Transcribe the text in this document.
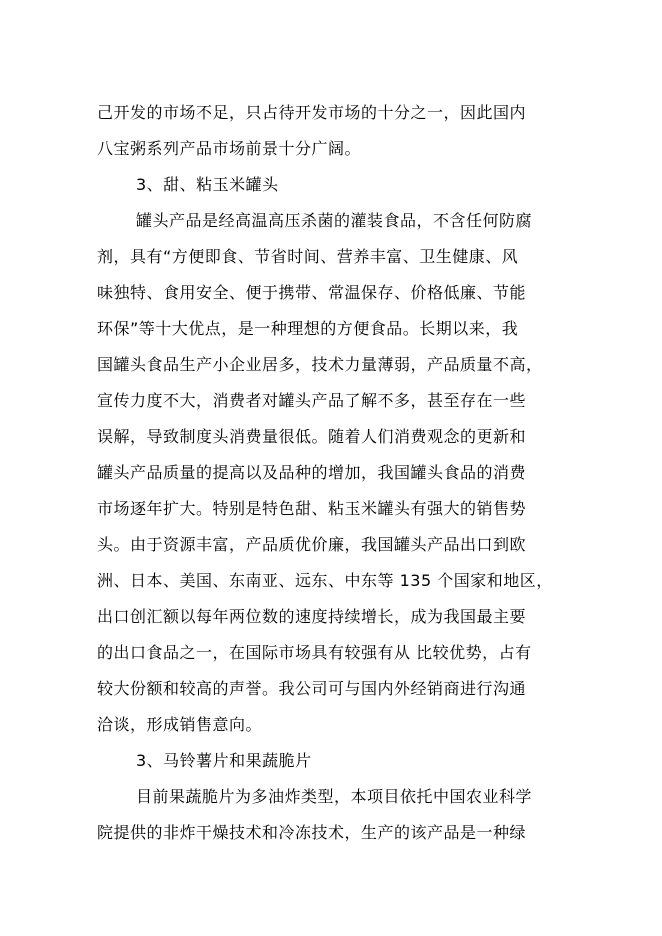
己开发的市场不足，只占待开发市场的十分之一，因此国内
八宝粥系列产品市场前景十分广阔。
3、甜、粘玉米罐头
罐头产品是经高温高压杀菌的灌装食品，不含任何防腐
剂，具有“方便即食、节省时间、营养丰富、卫生健康、风
味独特、食用安全、便于携带、常温保存、价格低廉、节能
环保”等十大优点，是一种理想的方便食品。长期以来，我
国罐头食品生产小企业居多，技术力量薄弱，产品质量不高，
宣传力度不大，消费者对罐头产品了解不多，甚至存在一些
误解，导致制度头消费量很低。随着人们消费观念的更新和
罐头产品质量的提高以及品种的增加，我国罐头食品的消费
市场逐年扩大。特别是特色甜、粘玉米罐头有强大的销售势
头。由于资源丰富，产品质优价廉，我国罐头产品出口到欧
洲、日本、美国、东南亚、远东、中东等 135 个国家和地区，
出口创汇额以每年两位数的速度持续增长，成为我国最主要
的出口食品之一，在国际市场具有较强有从 比较优势，占有
较大份额和较高的声誉。我公司可与国内外经销商进行沟通
洽谈，形成销售意向。
3、马铃薯片和果蔬脆片
目前果蔬脆片为多油炸类型，本项目依托中国农业科学
院提供的非炸干燥技术和冷冻技术，生产的该产品是一种绿
